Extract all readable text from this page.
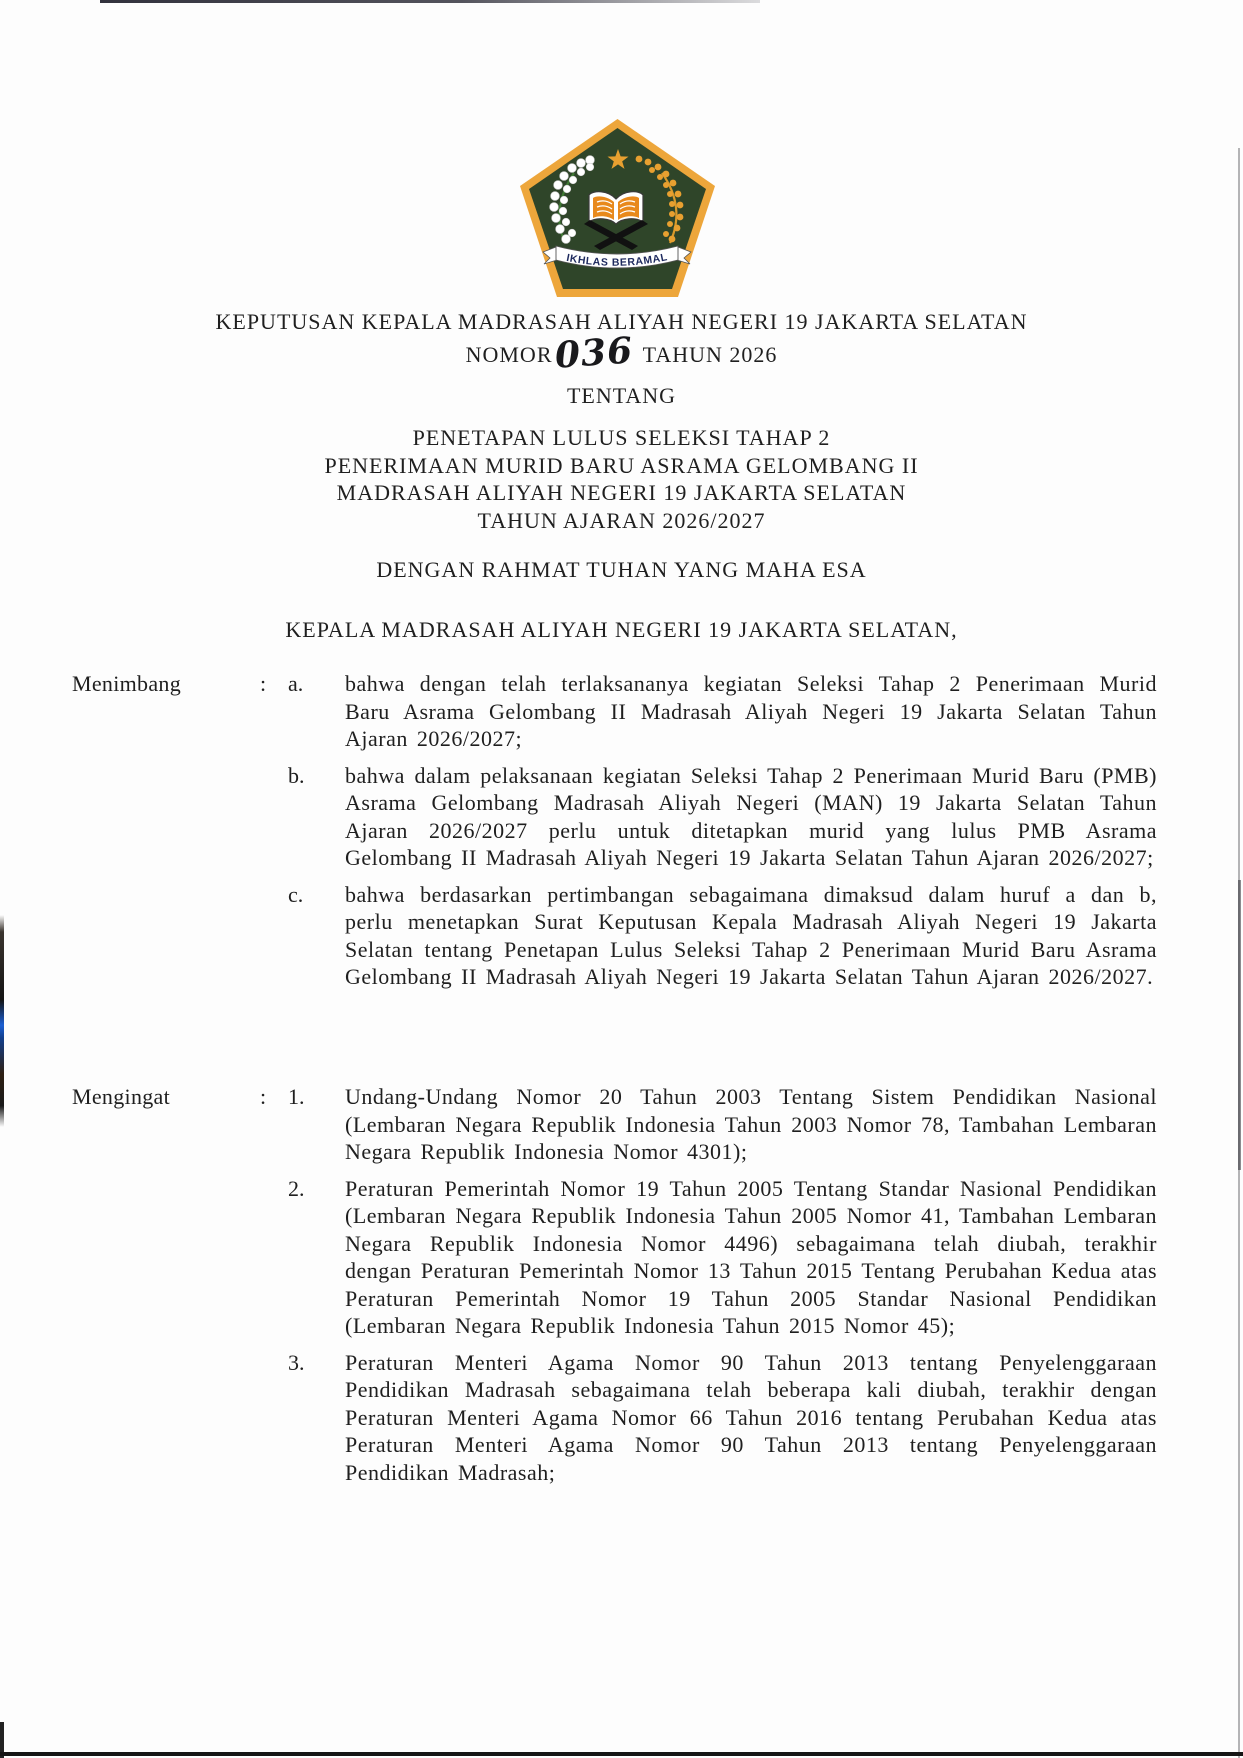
IKHLAS BERAMAL
KEPUTUSAN KEPALA MADRASAH ALIYAH NEGERI 19 JAKARTA SELATAN
NOMOR036 TAHUN 2026
TENTANG
PENETAPAN LULUS SELEKSI TAHAP 2
PENERIMAAN MURID BARU ASRAMA GELOMBANG II
MADRASAH ALIYAH NEGERI 19 JAKARTA SELATAN
TAHUN AJARAN 2026/2027
DENGAN RAHMAT TUHAN YANG MAHA ESA
KEPALA MADRASAH ALIYAH NEGERI 19 JAKARTA SELATAN,
Menimbang	: a.	bahwa dengan telah terlaksananya kegiatan Seleksi Tahap 2 Penerimaan Murid Baru Asrama Gelombang II Madrasah Aliyah Negeri 19 Jakarta Selatan Tahun Ajaran 2026/2027;
b.	bahwa dalam pelaksanaan kegiatan Seleksi Tahap 2 Penerimaan Murid Baru (PMB) Asrama Gelombang Madrasah Aliyah Negeri (MAN) 19 Jakarta Selatan Tahun Ajaran 2026/2027 perlu untuk ditetapkan murid yang lulus PMB Asrama Gelombang II Madrasah Aliyah Negeri 19 Jakarta Selatan Tahun Ajaran 2026/2027;
c.	bahwa berdasarkan pertimbangan sebagaimana dimaksud dalam huruf a dan b, perlu menetapkan Surat Keputusan Kepala Madrasah Aliyah Negeri 19 Jakarta Selatan tentang Penetapan Lulus Seleksi Tahap 2 Penerimaan Murid Baru Asrama Gelombang II Madrasah Aliyah Negeri 19 Jakarta Selatan Tahun Ajaran 2026/2027.
Mengingat	: 1.	Undang-Undang Nomor 20 Tahun 2003 Tentang Sistem Pendidikan Nasional (Lembaran Negara Republik Indonesia Tahun 2003 Nomor 78, Tambahan Lembaran Negara Republik Indonesia Nomor 4301);
2.	Peraturan Pemerintah Nomor 19 Tahun 2005 Tentang Standar Nasional Pendidikan (Lembaran Negara Republik Indonesia Tahun 2005 Nomor 41, Tambahan Lembaran Negara Republik Indonesia Nomor 4496) sebagaimana telah diubah, terakhir dengan Peraturan Pemerintah Nomor 13 Tahun 2015 Tentang Perubahan Kedua atas Peraturan Pemerintah Nomor 19 Tahun 2005 Standar Nasional Pendidikan (Lembaran Negara Republik Indonesia Tahun 2015 Nomor 45);
3.	Peraturan Menteri Agama Nomor 90 Tahun 2013 tentang Penyelenggaraan Pendidikan Madrasah sebagaimana telah beberapa kali diubah, terakhir dengan Peraturan Menteri Agama Nomor 66 Tahun 2016 tentang Perubahan Kedua atas Peraturan Menteri Agama Nomor 90 Tahun 2013 tentang Penyelenggaraan Pendidikan Madrasah;
